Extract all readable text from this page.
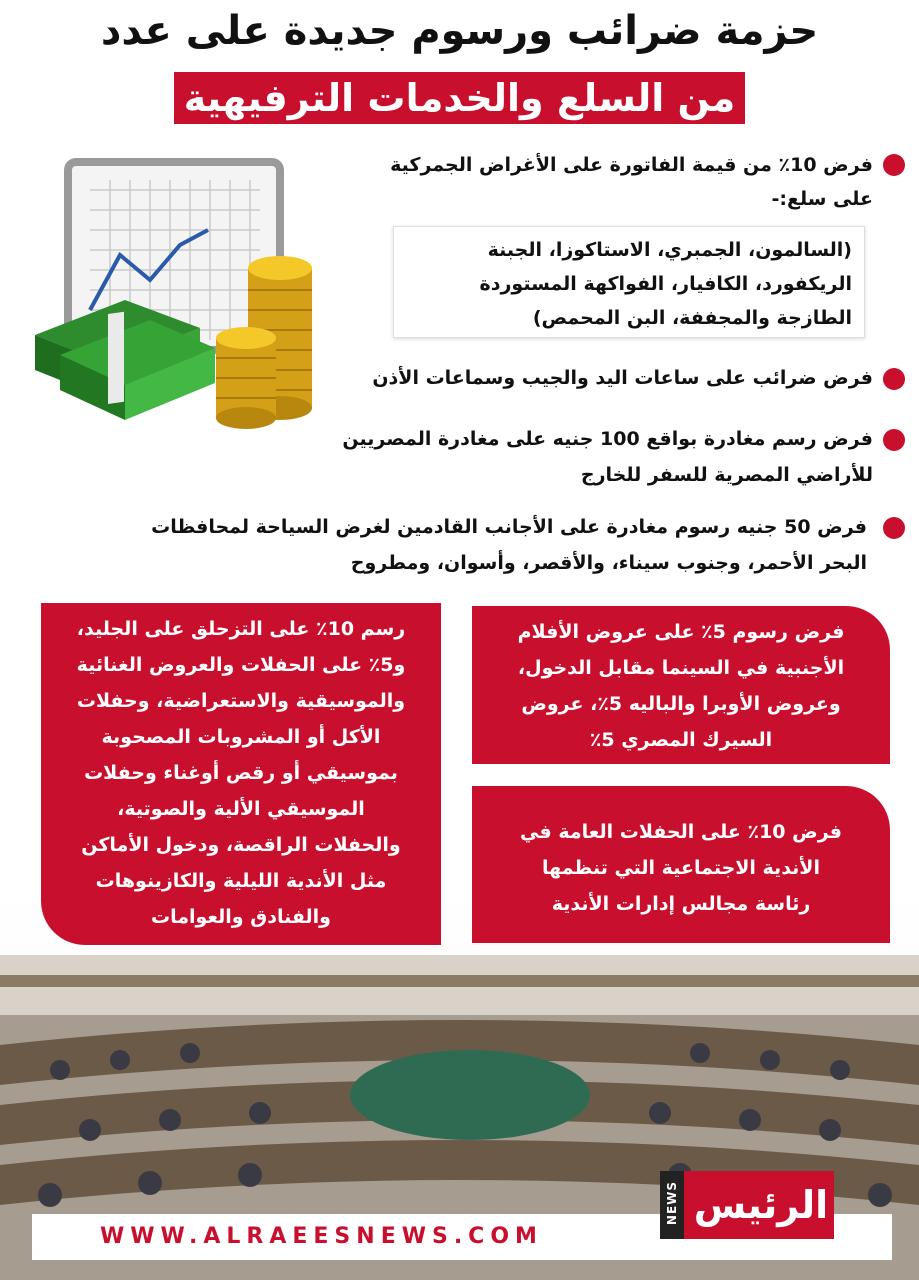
حزمة ضرائب ورسوم جديدة على عدد
من السلع والخدمات الترفيهية
فرض 10٪ من قيمة الفاتورة على الأغراض الجمركية
على سلع:-
(السالمون، الجمبري، الاستاكوزا، الجبنة
الريكفورد، الكافيار، الفواكهة المستوردة
الطازجة والمجففة، البن المحمص)
فرض ضرائب على ساعات اليد والجيب وسماعات الأذن
فرض رسم مغادرة بواقع 100 جنيه على مغادرة المصريين
للأراضي المصرية للسفر للخارج
فرض 50 جنيه رسوم مغادرة على الأجانب القادمين لغرض السياحة لمحافظات
البحر الأحمر، وجنوب سيناء، والأقصر، وأسوان، ومطروح
رسم 10٪ على التزحلق على الجليد،
و5٪ على الحفلات والعروض الغنائية
والموسيقية والاستعراضية، وحفلات
الأكل أو المشروبات المصحوبة
بموسيقي أو رقص أوغناء وحفلات
الموسيقي الألية والصوتية،
والحفلات الراقصة، ودخول الأماكن
مثل الأندية الليلية والكازينوهات
والفنادق والعوامات
فرض رسوم 5٪ على عروض الأفلام
الأجنبية في السينما مقابل الدخول،
وعروض الأوبرا والباليه 5٪، عروض
السيرك المصري 5٪
فرض 10٪ على الحفلات العامة في
الأندية الاجتماعية التي تنظمها
رئاسة مجالس إدارات الأندية
WWW.ALRAEESNEWS.COM
NEWS الرئيس
